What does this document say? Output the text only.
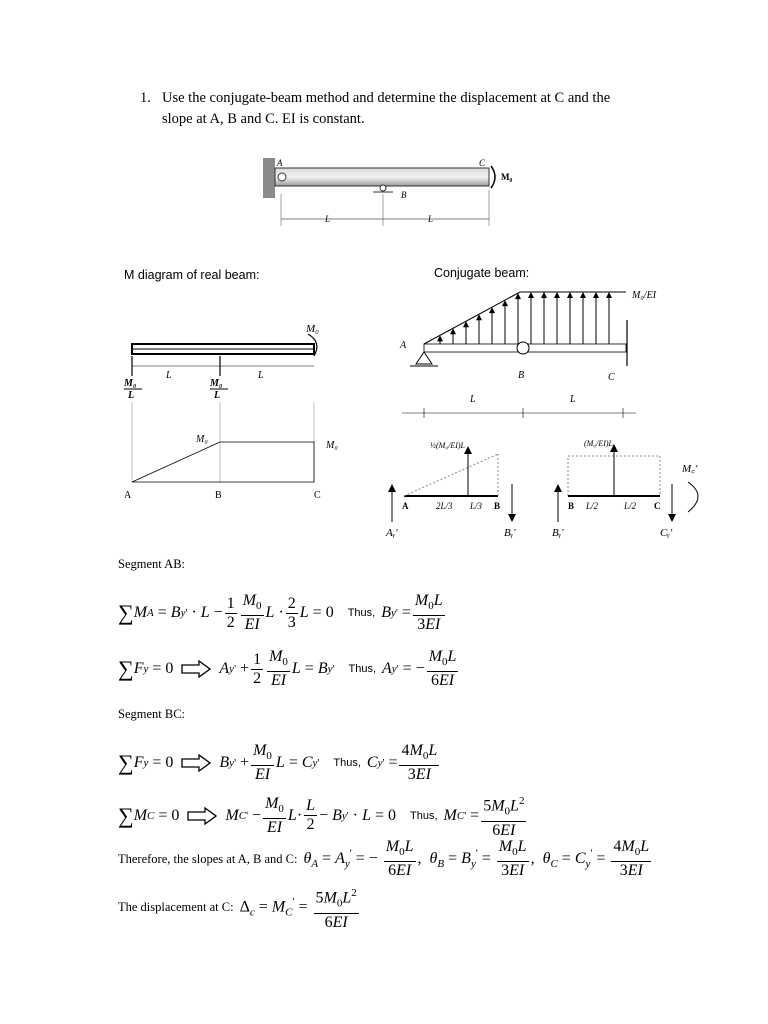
1. Use the conjugate-beam method and determine the displacement at C and the
slope at A, B and C. EI is constant.
A	C
B
M₀
L	L
M diagram of real beam:
M₀
L	L
M₀
L
M₀
L
M₀
M₀
A	B	C
Conjugate beam:
M₀/EI
A
B	C
L	L
½(M₀/EI)L
A	B
2L/3 L/3
Aᵧ'	Bᵧ'
(M₀/EI)L
B	C
L/2	L/2
Bᵧ'	Cᵧ'
M꜀'
Segment AB:
∑ M A = B y ' · $L - \frac{1}{2} \frac{M_0}{EI}$ $L \cdot \frac{2}{3}$ L = 0 Thus, B y ' = $\frac{M_0L}{3EI}$
∑ F y = 0	A y ' + $\frac{1}{2} \frac{M_0}{EI}$ L = B y ' Thus, A y ' = − $\frac{M_0L}{6EI}$
Segment BC:
∑ F y = 0	B y ' + $\frac{M_0}{EI}$ L = C y ' Thus, C y ' = $\frac{4M_0L}{3EI}$
∑ M C = 0	M C ' − $\frac{M_0}{EI}$ $L \cdot \frac{L}{2} - B$ y ' · L = 0 Thus, M C ' = $\frac{5M_0L^2}{6EI}$
Therefore, the slopes at A, B and C: $\theta_A = A_y'$ = − $\frac{M_0L}{6EI}$ ,  $\theta_B = B_y' = \frac{M_0L}{3EI}$ ,  $\theta_C = C_y' = \frac{4M_0L}{3EI}$
The displacement at C: $\Delta_c = M_C' = \frac{5M_0L^2}{6EI}$
